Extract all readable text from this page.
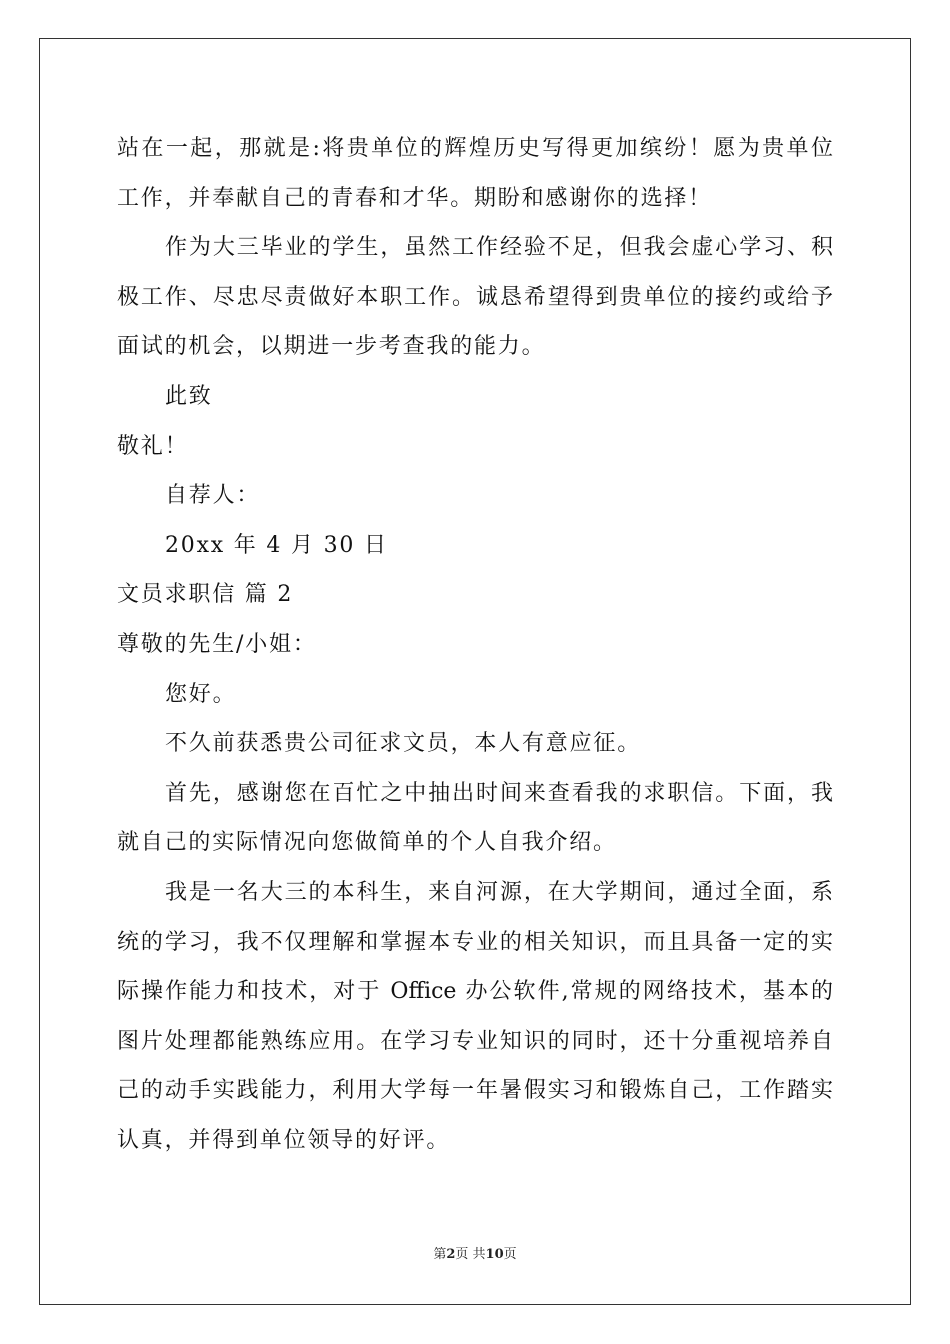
站在一起，那就是:将贵单位的辉煌历史写得更加缤纷！愿为贵单位
工作，并奉献自己的青春和才华。期盼和感谢你的选择！
作为大三毕业的学生，虽然工作经验不足，但我会虚心学习、积
极工作、尽忠尽责做好本职工作。诚恳希望得到贵单位的接约或给予
面试的机会，以期进一步考查我的能力。
此致
敬礼！
自荐人：
20xx 年 4 月 30 日
文员求职信 篇 2
尊敬的先生/小姐：
您好。
不久前获悉贵公司征求文员，本人有意应征。
首先，感谢您在百忙之中抽出时间来查看我的求职信。下面，我
就自己的实际情况向您做简单的个人自我介绍。
我是一名大三的本科生，来自河源，在大学期间，通过全面，系
统的学习，我不仅理解和掌握本专业的相关知识，而且具备一定的实
际操作能力和技术，对于 Office 办公软件,常规的网络技术，基本的
图片处理都能熟练应用。在学习专业知识的同时，还十分重视培养自
己的动手实践能力，利用大学每一年暑假实习和锻炼自己，工作踏实
认真，并得到单位领导的好评。
第2页 共10页
